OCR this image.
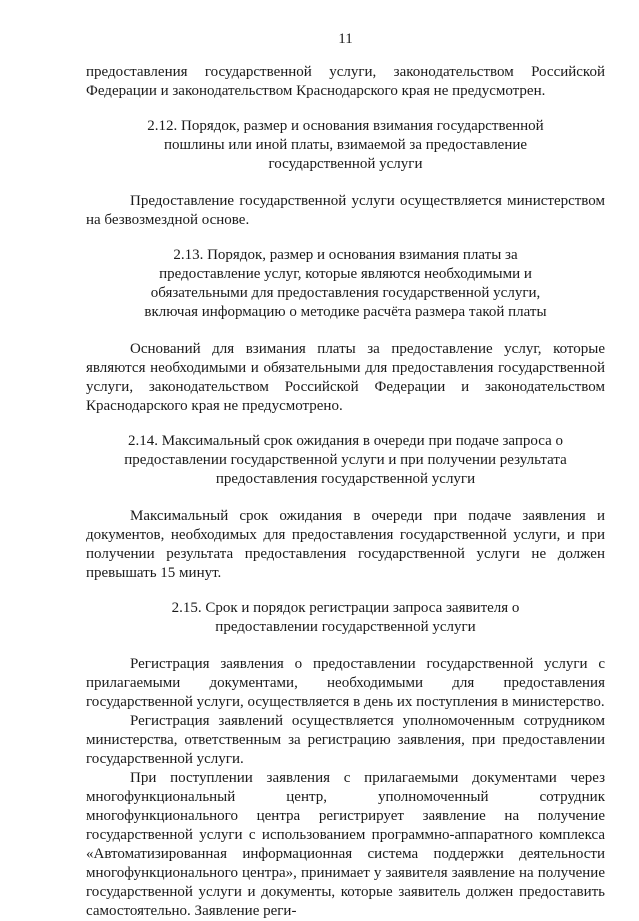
11

предоставления государственной услуги, законодательством Российской Федерации и законодательством Краснодарского края не предусмотрен.

2.12. Порядок, размер и основания взимания государственной пошлины или иной платы, взимаемой за предоставление государственной услуги

Предоставление государственной услуги осуществляется министерством на безвозмездной основе.

2.13. Порядок, размер и основания взимания платы за предоставление услуг, которые являются необходимыми и обязательными для предоставления государственной услуги, включая информацию о методике расчёта размера такой платы

Оснований для взимания платы за предоставление услуг, которые являются необходимыми и обязательными для предоставления государственной услуги, законодательством Российской Федерации и законодательством Краснодарского края не предусмотрено.

2.14. Максимальный срок ожидания в очереди при подаче запроса о предоставлении государственной услуги и при получении результата предоставления государственной услуги

Максимальный срок ожидания в очереди при подаче заявления и документов, необходимых для предоставления государственной услуги, и при получении результата предоставления государственной услуги не должен превышать 15 минут.

2.15. Срок и порядок регистрации запроса заявителя о предоставлении государственной услуги

Регистрация заявления о предоставлении государственной услуги с прилагаемыми документами, необходимыми для предоставления государственной услуги, осуществляется в день их поступления в министерство.

Регистрация заявлений осуществляется уполномоченным сотрудником министерства, ответственным за регистрацию заявления, при предоставлении государственной услуги.

При поступлении заявления с прилагаемыми документами через многофункциональный центр, уполномоченный сотрудник многофункционального центра регистрирует заявление на получение государственной услуги с использованием программно-аппаратного комплекса «Автоматизированная информационная система поддержки деятельности многофункционального центра», принимает у заявителя заявление на получение государственной услуги и документы, которые заявитель должен предоставить самостоятельно. Заявление реги-
